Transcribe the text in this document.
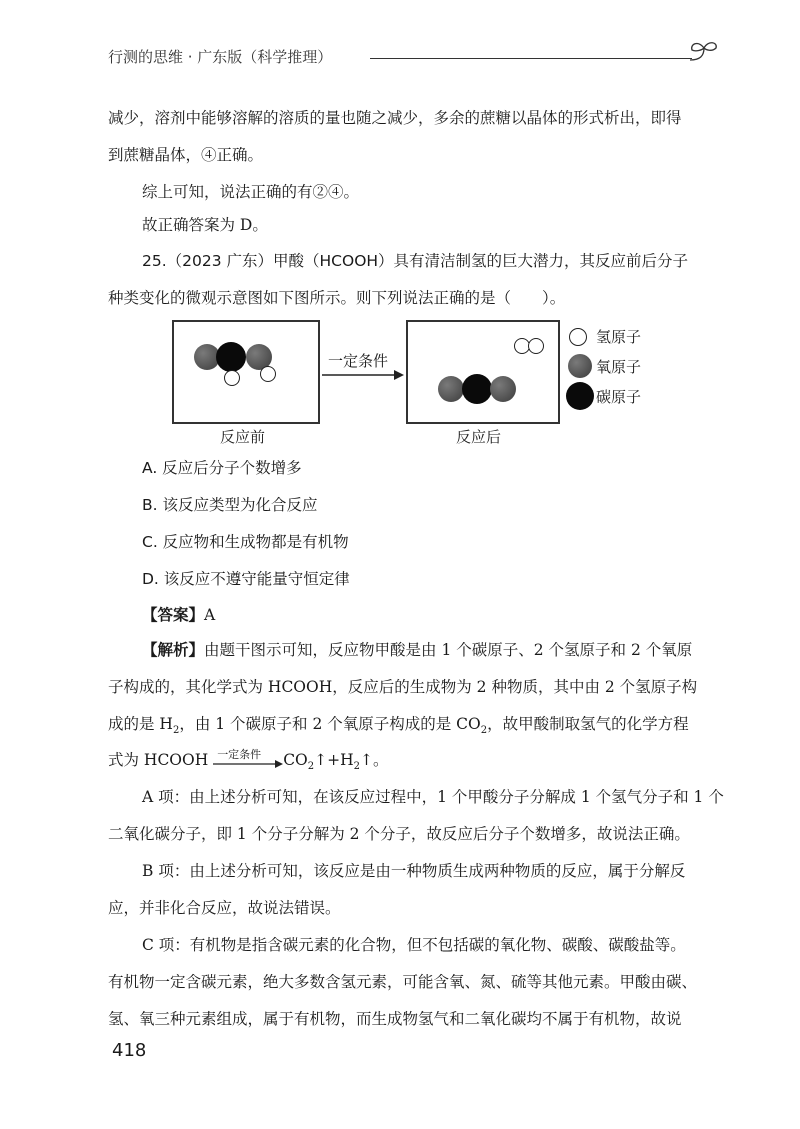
行测的思维 · 广东版（科学推理）
减少，溶剂中能够溶解的溶质的量也随之减少，多余的蔗糖以晶体的形式析出，即得
到蔗糖晶体，④正确。
综上可知，说法正确的有②④。
故正确答案为 D。
25.（2023 广东）甲酸（HCOOH）具有清洁制氢的巨大潜力，其反应前后分子
种类变化的微观示意图如下图所示。则下列说法正确的是（　　）。
一定条件
反应前	反应后
氢原子
氧原子
碳原子
A. 反应后分子个数增多
B. 该反应类型为化合反应
C. 反应物和生成物都是有机物
D. 该反应不遵守能量守恒定律
【答案】A
【解析】由题干图示可知，反应物甲酸是由 1 个碳原子、2 个氢原子和 2 个氧原
子构成的，其化学式为 HCOOH，反应后的生成物为 2 种物质，其中由 2 个氢原子构
成的是 $H_2$，由 1 个碳原子和 2 个氧原子构成的是 $CO_2$，故甲酸制取氢气的化学方程
式为 HCOOH 一定条件 $CO_2↑+H_2↑$。
A 项：由上述分析可知，在该反应过程中，1 个甲酸分子分解成 1 个氢气分子和 1 个
二氧化碳分子，即 1 个分子分解为 2 个分子，故反应后分子个数增多，故说法正确。
B 项：由上述分析可知，该反应是由一种物质生成两种物质的反应，属于分解反
应，并非化合反应，故说法错误。
C 项：有机物是指含碳元素的化合物，但不包括碳的氧化物、碳酸、碳酸盐等。
有机物一定含碳元素，绝大多数含氢元素，可能含氧、氮、硫等其他元素。甲酸由碳、
氢、氧三种元素组成，属于有机物，而生成物氢气和二氧化碳均不属于有机物，故说
418
